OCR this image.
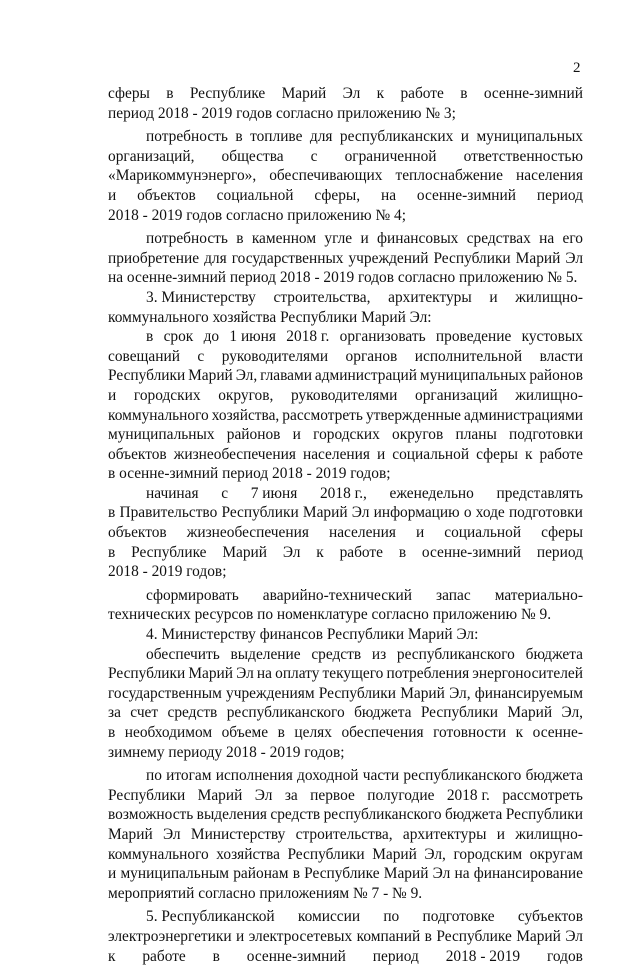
2
сферы в Республике Марий Эл к работе в осенне-зимний
период 2018 - 2019 годов согласно приложению № 3;
потребность в топливе для республиканских и муниципальных
организаций, общества с ограниченной ответственностью
«Марикоммунэнерго», обеспечивающих теплоснабжение населения
и объектов социальной сферы, на осенне-зимний период
2018 - 2019 годов согласно приложению № 4;
потребность в каменном угле и финансовых средствах на его
приобретение для государственных учреждений Республики Марий Эл
на осенне-зимний период 2018 - 2019 годов согласно приложению № 5.
3. Министерству строительства, архитектуры и жилищно-
коммунального хозяйства Республики Марий Эл:
в срок до 1 июня 2018 г. организовать проведение кустовых
совещаний с руководителями органов исполнительной власти
Республики Марий Эл, главами администраций муниципальных районов
и городских округов, руководителями организаций жилищно-
коммунального хозяйства, рассмотреть утвержденные администрациями
муниципальных районов и городских округов планы подготовки
объектов жизнеобеспечения населения и социальной сферы к работе
в осенне-зимний период 2018 - 2019 годов;
начиная с 7 июня 2018 г., еженедельно представлять
в Правительство Республики Марий Эл информацию о ходе подготовки
объектов жизнеобеспечения населения и социальной сферы
в Республике Марий Эл к работе в осенне-зимний период
2018 - 2019 годов;
сформировать аварийно-технический запас материально-
технических ресурсов по номенклатуре согласно приложению № 9.
4. Министерству финансов Республики Марий Эл:
обеспечить выделение средств из республиканского бюджета
Республики Марий Эл на оплату текущего потребления энергоносителей
государственным учреждениям Республики Марий Эл, финансируемым
за счет средств республиканского бюджета Республики Марий Эл,
в необходимом объеме в целях обеспечения готовности к осенне-
зимнему периоду 2018 - 2019 годов;
по итогам исполнения доходной части республиканского бюджета
Республики Марий Эл за первое полугодие 2018 г. рассмотреть
возможность выделения средств республиканского бюджета Республики
Марий Эл Министерству строительства, архитектуры и жилищно-
коммунального хозяйства Республики Марий Эл, городским округам
и муниципальным районам в Республике Марий Эл на финансирование
мероприятий согласно приложениям № 7 - № 9.
5. Республиканской комиссии по подготовке субъектов
электроэнергетики и электросетевых компаний в Республике Марий Эл
к работе в осенне-зимний период 2018 - 2019 годов
